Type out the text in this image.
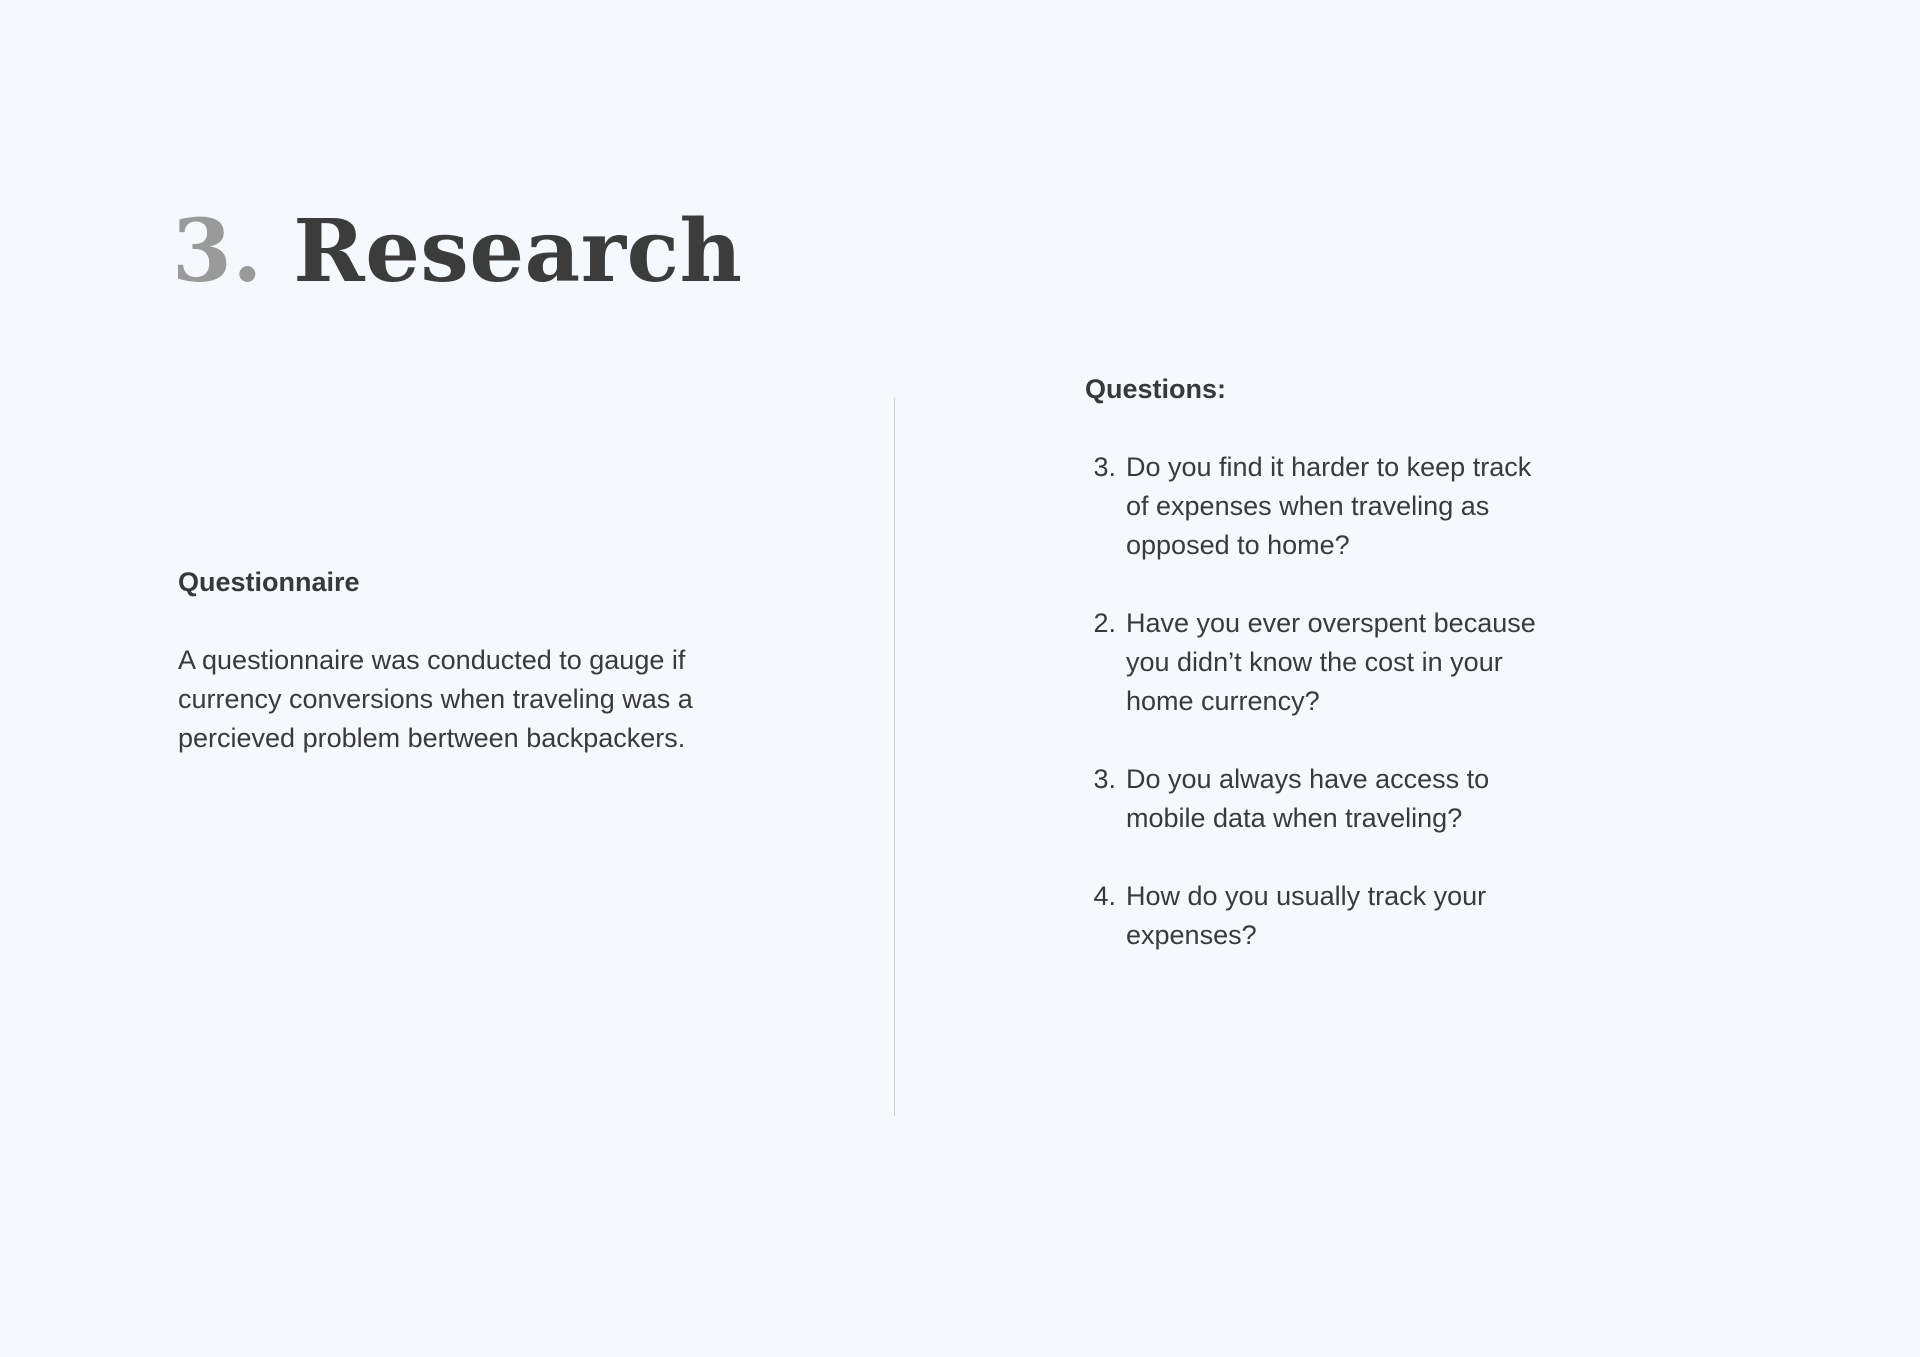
3. Research

Questionnaire

A questionnaire was conducted to gauge if currency conversions when traveling was a percieved problem bertween backpackers.

Questions:

3. Do you find it harder to keep track of expenses when traveling as opposed to home?
2. Have you ever overspent because you didn’t know the cost in your home currency?
3. Do you always have access to mobile data when traveling?
4. How do you usually track your expenses?
